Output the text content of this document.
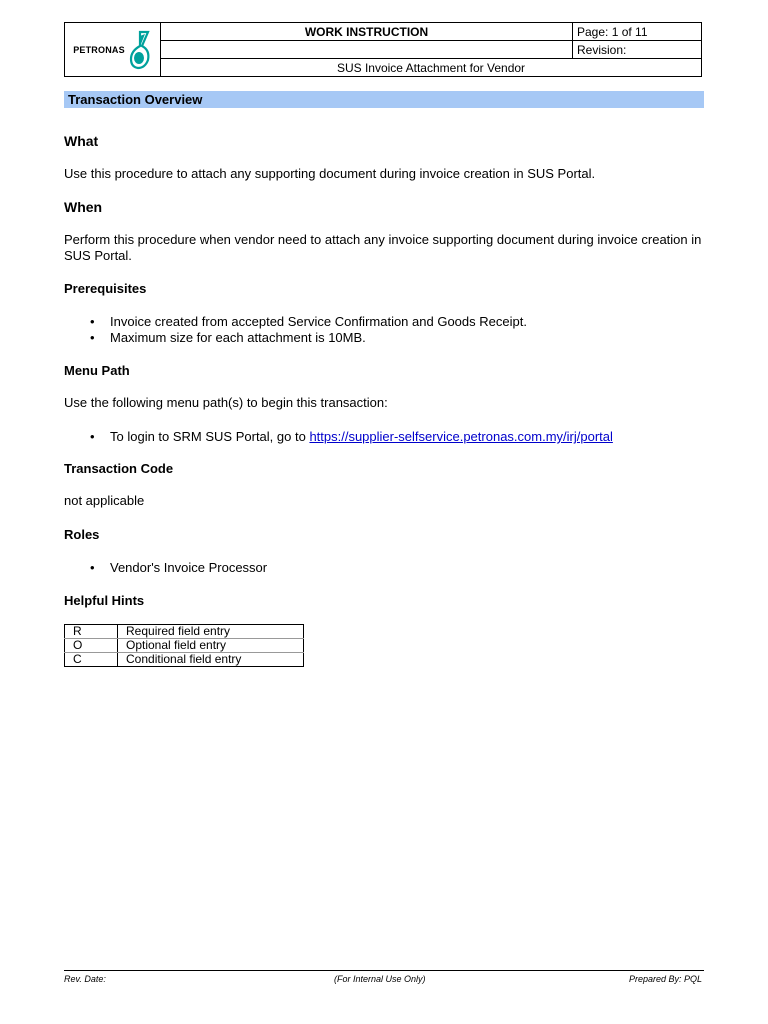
PETRONAS	WORK INSTRUCTION	Page: 1 of 11
		Revision:
	SUS Invoice Attachment for Vendor	
Transaction Overview
What

Use this procedure to attach any supporting document during invoice creation in SUS Portal.

When

Perform this procedure when vendor need to attach any invoice supporting document during invoice creation in SUS Portal.

Prerequisites
• Invoice created from accepted Service Confirmation and Goods Receipt.
• Maximum size for each attachment is 10MB.
Menu Path

Use the following menu path(s) to begin this transaction:

• To login to SRM SUS Portal, go to https://supplier-selfservice.petronas.com.my/irj/portal
Transaction Code

not applicable

Roles
• Vendor's Invoice Processor
Helpful Hints
R	Required field entry
O	Optional field entry
C	Conditional field entry
Rev. Date:	(For Internal Use Only)	Prepared By: PQL
